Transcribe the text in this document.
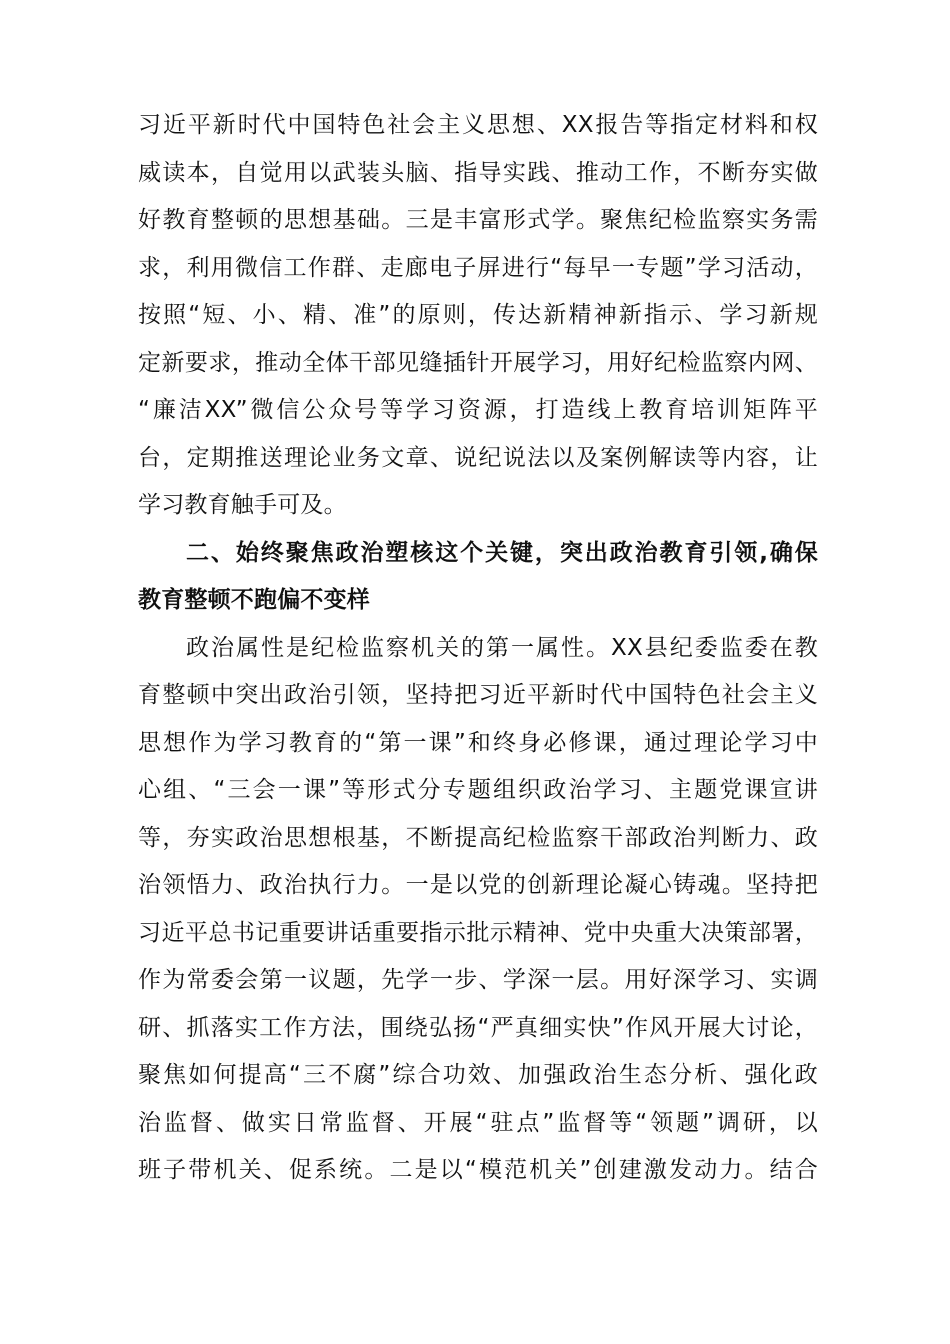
习近平新时代中国特色社会主义思想、XX报告等指定材料和权
威读本，自觉用以武装头脑、指导实践、推动工作，不断夯实做
好教育整顿的思想基础。三是丰富形式学。聚焦纪检监察实务需
求，利用微信工作群、走廊电子屏进行“每早一专题”学习活动，
按照“短、小、精、准”的原则，传达新精神新指示、学习新规
定新要求，推动全体干部见缝插针开展学习，用好纪检监察内网、
“廉洁XX”微信公众号等学习资源，打造线上教育培训矩阵平
台，定期推送理论业务文章、说纪说法以及案例解读等内容，让
学习教育触手可及。
二、始终聚焦政治塑核这个关键，突出政治教育引领,确保
教育整顿不跑偏不变样
政治属性是纪检监察机关的第一属性。XX县纪委监委在教
育整顿中突出政治引领，坚持把习近平新时代中国特色社会主义
思想作为学习教育的“第一课”和终身必修课，通过理论学习中
心组、“三会一课”等形式分专题组织政治学习、主题党课宣讲
等，夯实政治思想根基，不断提高纪检监察干部政治判断力、政
治领悟力、政治执行力。一是以党的创新理论凝心铸魂。坚持把
习近平总书记重要讲话重要指示批示精神、党中央重大决策部署，
作为常委会第一议题，先学一步、学深一层。用好深学习、实调
研、抓落实工作方法，围绕弘扬“严真细实快”作风开展大讨论，
聚焦如何提高“三不腐”综合功效、加强政治生态分析、强化政
治监督、做实日常监督、开展“驻点”监督等“领题”调研，以
班子带机关、促系统。二是以“模范机关”创建激发动力。结合
